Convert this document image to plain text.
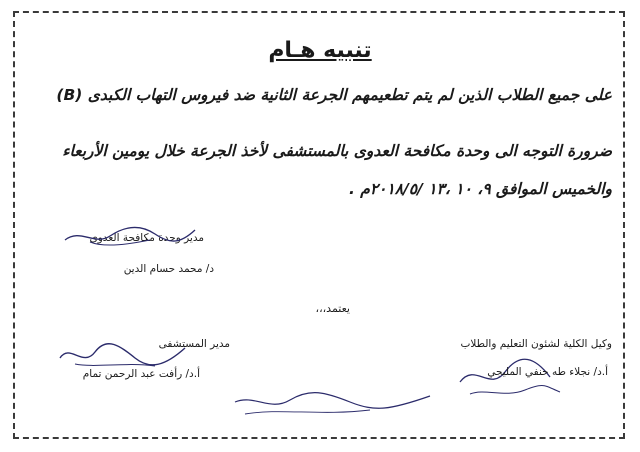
تنبيه هـام
على جميع الطلاب الذين لم يتم تطعيمهم الجرعة الثانية ضد فيروس التهاب الكبدى (B)
ضرورة التوجه الى وحدة مكافحة العدوى بالمستشفى لأخذ الجرعة خلال يومين الأربعاء
والخميس الموافق ٩، ١٠ ،١٣ /٢٠١٨/٥م .
مدير وحدة مكافحة العدوى
د/ محمد حسام الدين
يعتمد،،،
وكيل الكلية لشئون التعليم والطلاب
أ.د/ نجلاء طه حنفي المليجي
مدير المستشفى
أ.د/ رأفت عبد الرحمن تمام
